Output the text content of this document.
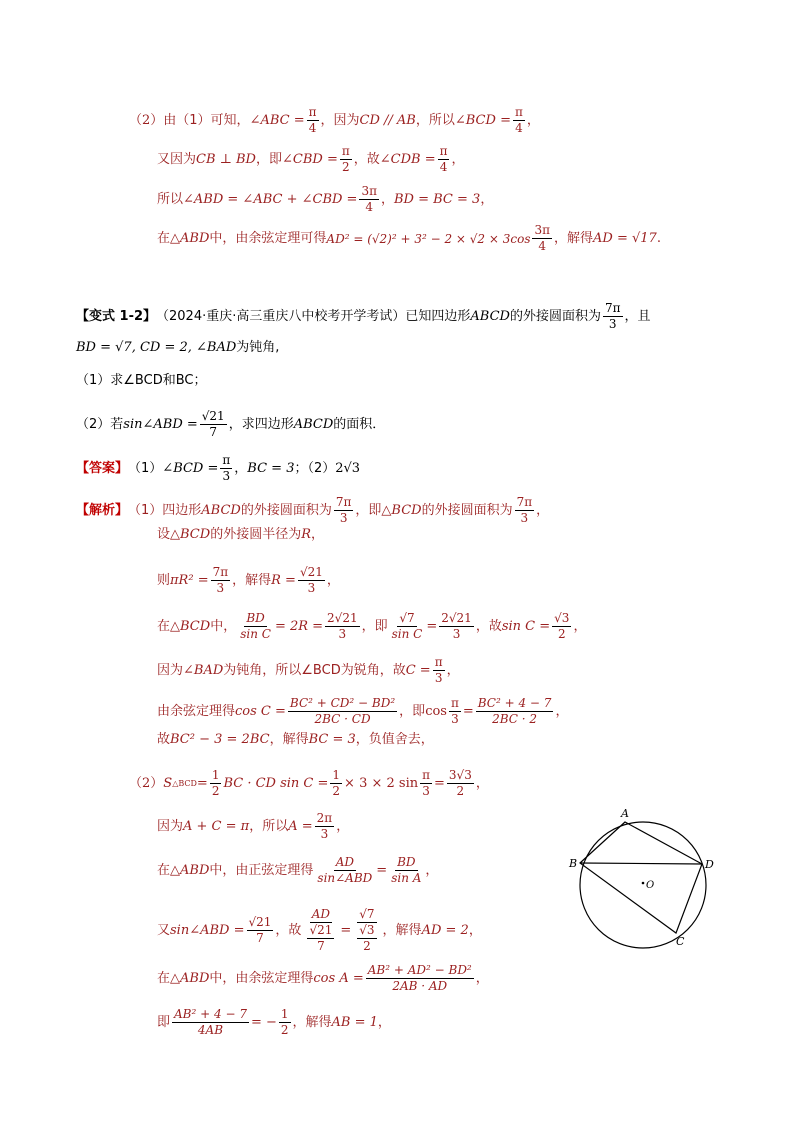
（2） 由（1）可知， ∠ABC = $\frac{\pi}{4}$ ，因为 CD // AB ，所以 ∠BCD = $\frac{\pi}{4}$ ，
又因为 CB ⊥ BD ，即 ∠CBD = $\frac{\pi}{2}$ ，故 ∠CDB = $\frac{\pi}{4}$ ，
所以 ∠ABD = ∠ABC + ∠CBD = $\frac{3\pi}{4}$ ， BD = BC = 3 ，
在 △ABD 中，由余弦定理可得 $AD^2 = (√2)^2 + 3^2 - 2 \times √2 \times 3\cos \frac{3\pi}{4}$ ，解得 AD = √17 .
【变式 1-2】 （2024·重庆·高三重庆八中校考开学考试） 已知四边形 ABCD 的外接圆面积为 $\frac{7\pi}{3}$ ，且
BD = √7, CD = 2, ∠BAD 为钝角,
（1）求∠BCD和BC；
（2）若 sin∠ABD = $\frac{√21}{7}$ ，求四边形 ABCD 的面积．
【答案】 （1） ∠BCD = $\frac{\pi}{3}$ ， BC = 3 ；（2） 2√3
【解析】 （1）四边形 ABCD 的外接圆面积为 $\frac{7\pi}{3}$ ，即 △BCD 的外接圆面积为 $\frac{7\pi}{3}$ ，
设 △BCD 的外接圆半径为 R ，
则 $\pi R^2 = \frac{7\pi}{3}$ ，解得 $R = \frac{√21}{3}$ ，
在 △BCD 中， $\frac{BD}{\text{sin C}} = 2R = \frac{2√21}{3}$ ，即 $\frac{√7}{\text{sin C}} = \frac{2√21}{3}$ ，故 $\sin C = \frac{√3}{2}$ ，
因为 ∠BAD 为钝角，所以∠BCD为锐角，故 $C = \frac{\pi}{3}$ ，
由余弦定理得 $\cos C = \frac{\text{BC² + CD² − BD²}}{2BC \cdot CD}$ ，即 $\cos \frac{\pi}{3} = \frac{\text{BC² + 4 − 7}}{2BC \cdot 2}$ ，
故 BC² − 3 = 2BC ，解得 BC = 3 ，负值舍去，
（2） S △BCD = $\frac{1}{2}$ BC · CD $\sin C = \frac{1}{2} \times 3 \times 2$ $\sin \frac{\pi}{3} = \frac{3√3}{2}$ ，
因为 A + C = π ，所以 $A = \frac{2\pi}{3}$ ，
在 △ABD 中，由正弦定理得 $\frac{AD}{\text{sin∠ABD}} = \frac{BD}{\text{sin A}}$ ，
又 sin∠ABD = $\frac{√21}{7}$ ，故 $\frac{AD}{\frac{√21}{7}} = \frac{√7}{\frac{√3}{2}}$ ，解得 AD = 2 ，
在 △ABD 中，由余弦定理得 $\cos A = \frac{\text{AB² + AD² − BD²}}{2AB \cdot AD}$ ，
即 $\frac{\text{AB² + 4 − 7}}{4AB}$ = − $\frac{1}{2}$ ，解得 AB = 1 ，
A
B
C
D
O
